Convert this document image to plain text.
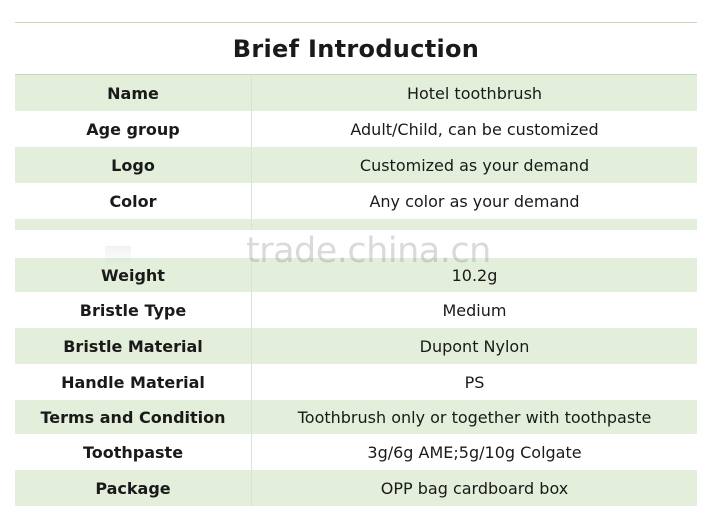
Brief Introduction
Name	Hotel toothbrush
Age group	Adult/Child, can be customized
Logo	Customized as your demand
Color	Any color as your demand
Weight	10.2g
Bristle Type	Medium
Bristle Material	Dupont Nylon
Handle Material	PS
Terms and Condition	Toothbrush only or together with toothpaste
Toothpaste	3g/6g AME;5g/10g Colgate
Package	OPP bag cardboard box
trade.china.cn
